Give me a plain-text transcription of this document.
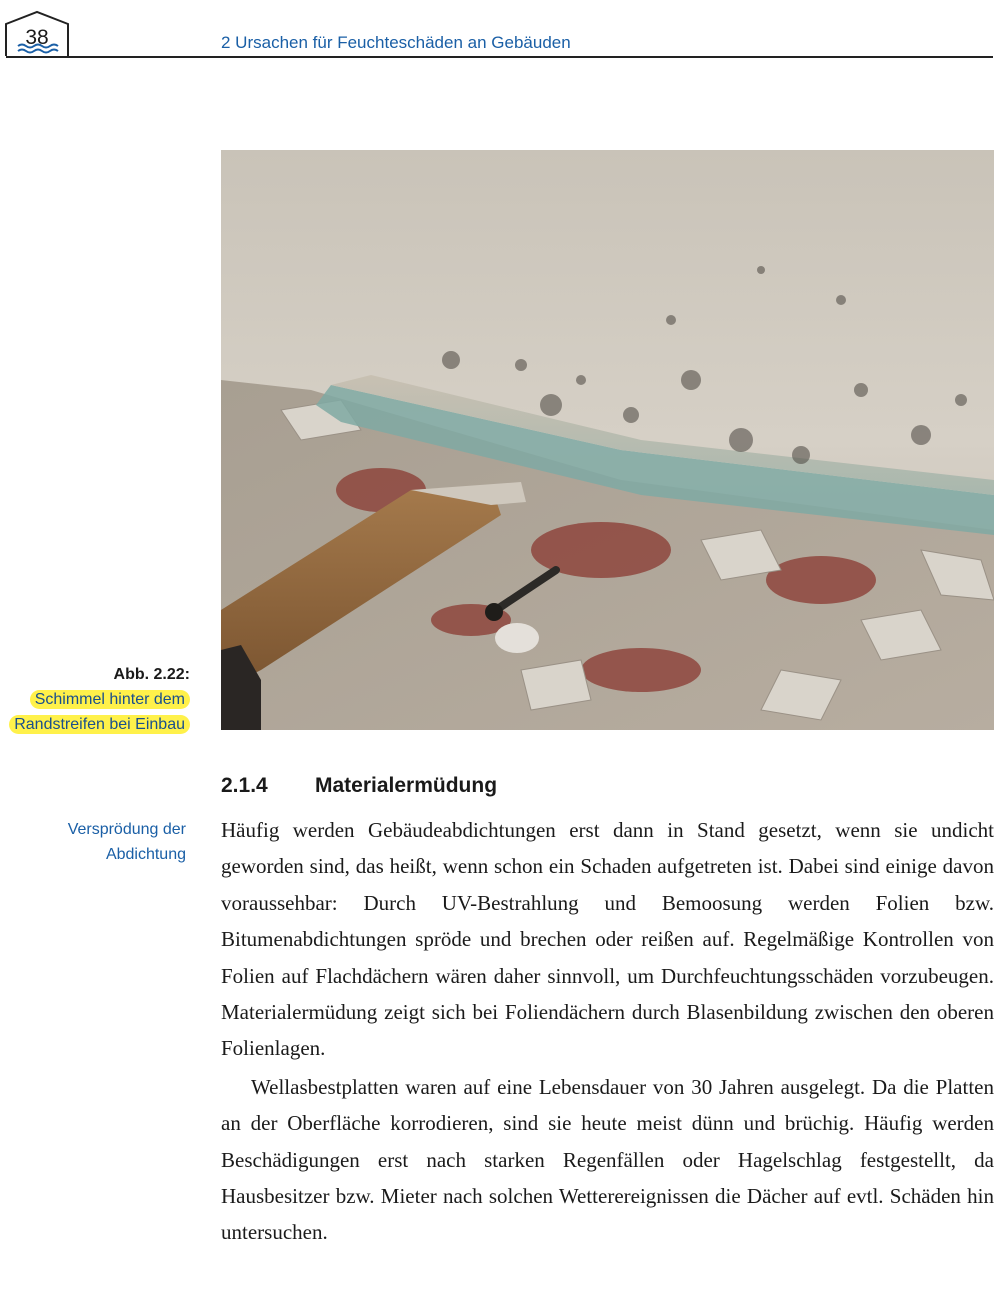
38	2 Ursachen für Feuchteschäden an Gebäuden
Abb. 2.22:
Schimmel hinter dem
Randstreifen bei Einbau
2.1.4 Materialermüdung
Versprödung der
Abdichtung

Häufig werden Gebäudeabdichtungen erst dann in Stand gesetzt, wenn sie undicht geworden sind, das heißt, wenn schon ein Schaden aufgetreten ist. Dabei sind einige davon voraussehbar: Durch UV-Bestrahlung und Bemoosung werden Folien bzw. Bitumenabdichtungen spröde und brechen oder reißen auf. Regelmäßige Kontrollen von Folien auf Flachdächern wären daher sinnvoll, um Durchfeuchtungsschäden vorzubeugen. Materialermüdung zeigt sich bei Foliendächern durch Blasenbildung zwischen den oberen Folienlagen.

Wellasbestplatten waren auf eine Lebensdauer von 30 Jahren ausgelegt. Da die Platten an der Oberfläche korrodieren, sind sie heute meist dünn und brüchig. Häufig werden Beschädigungen erst nach starken Regenfällen oder Hagelschlag festgestellt, da Hausbesitzer bzw. Mieter nach solchen Wetterereignissen die Dächer auf evtl. Schäden hin untersuchen.
